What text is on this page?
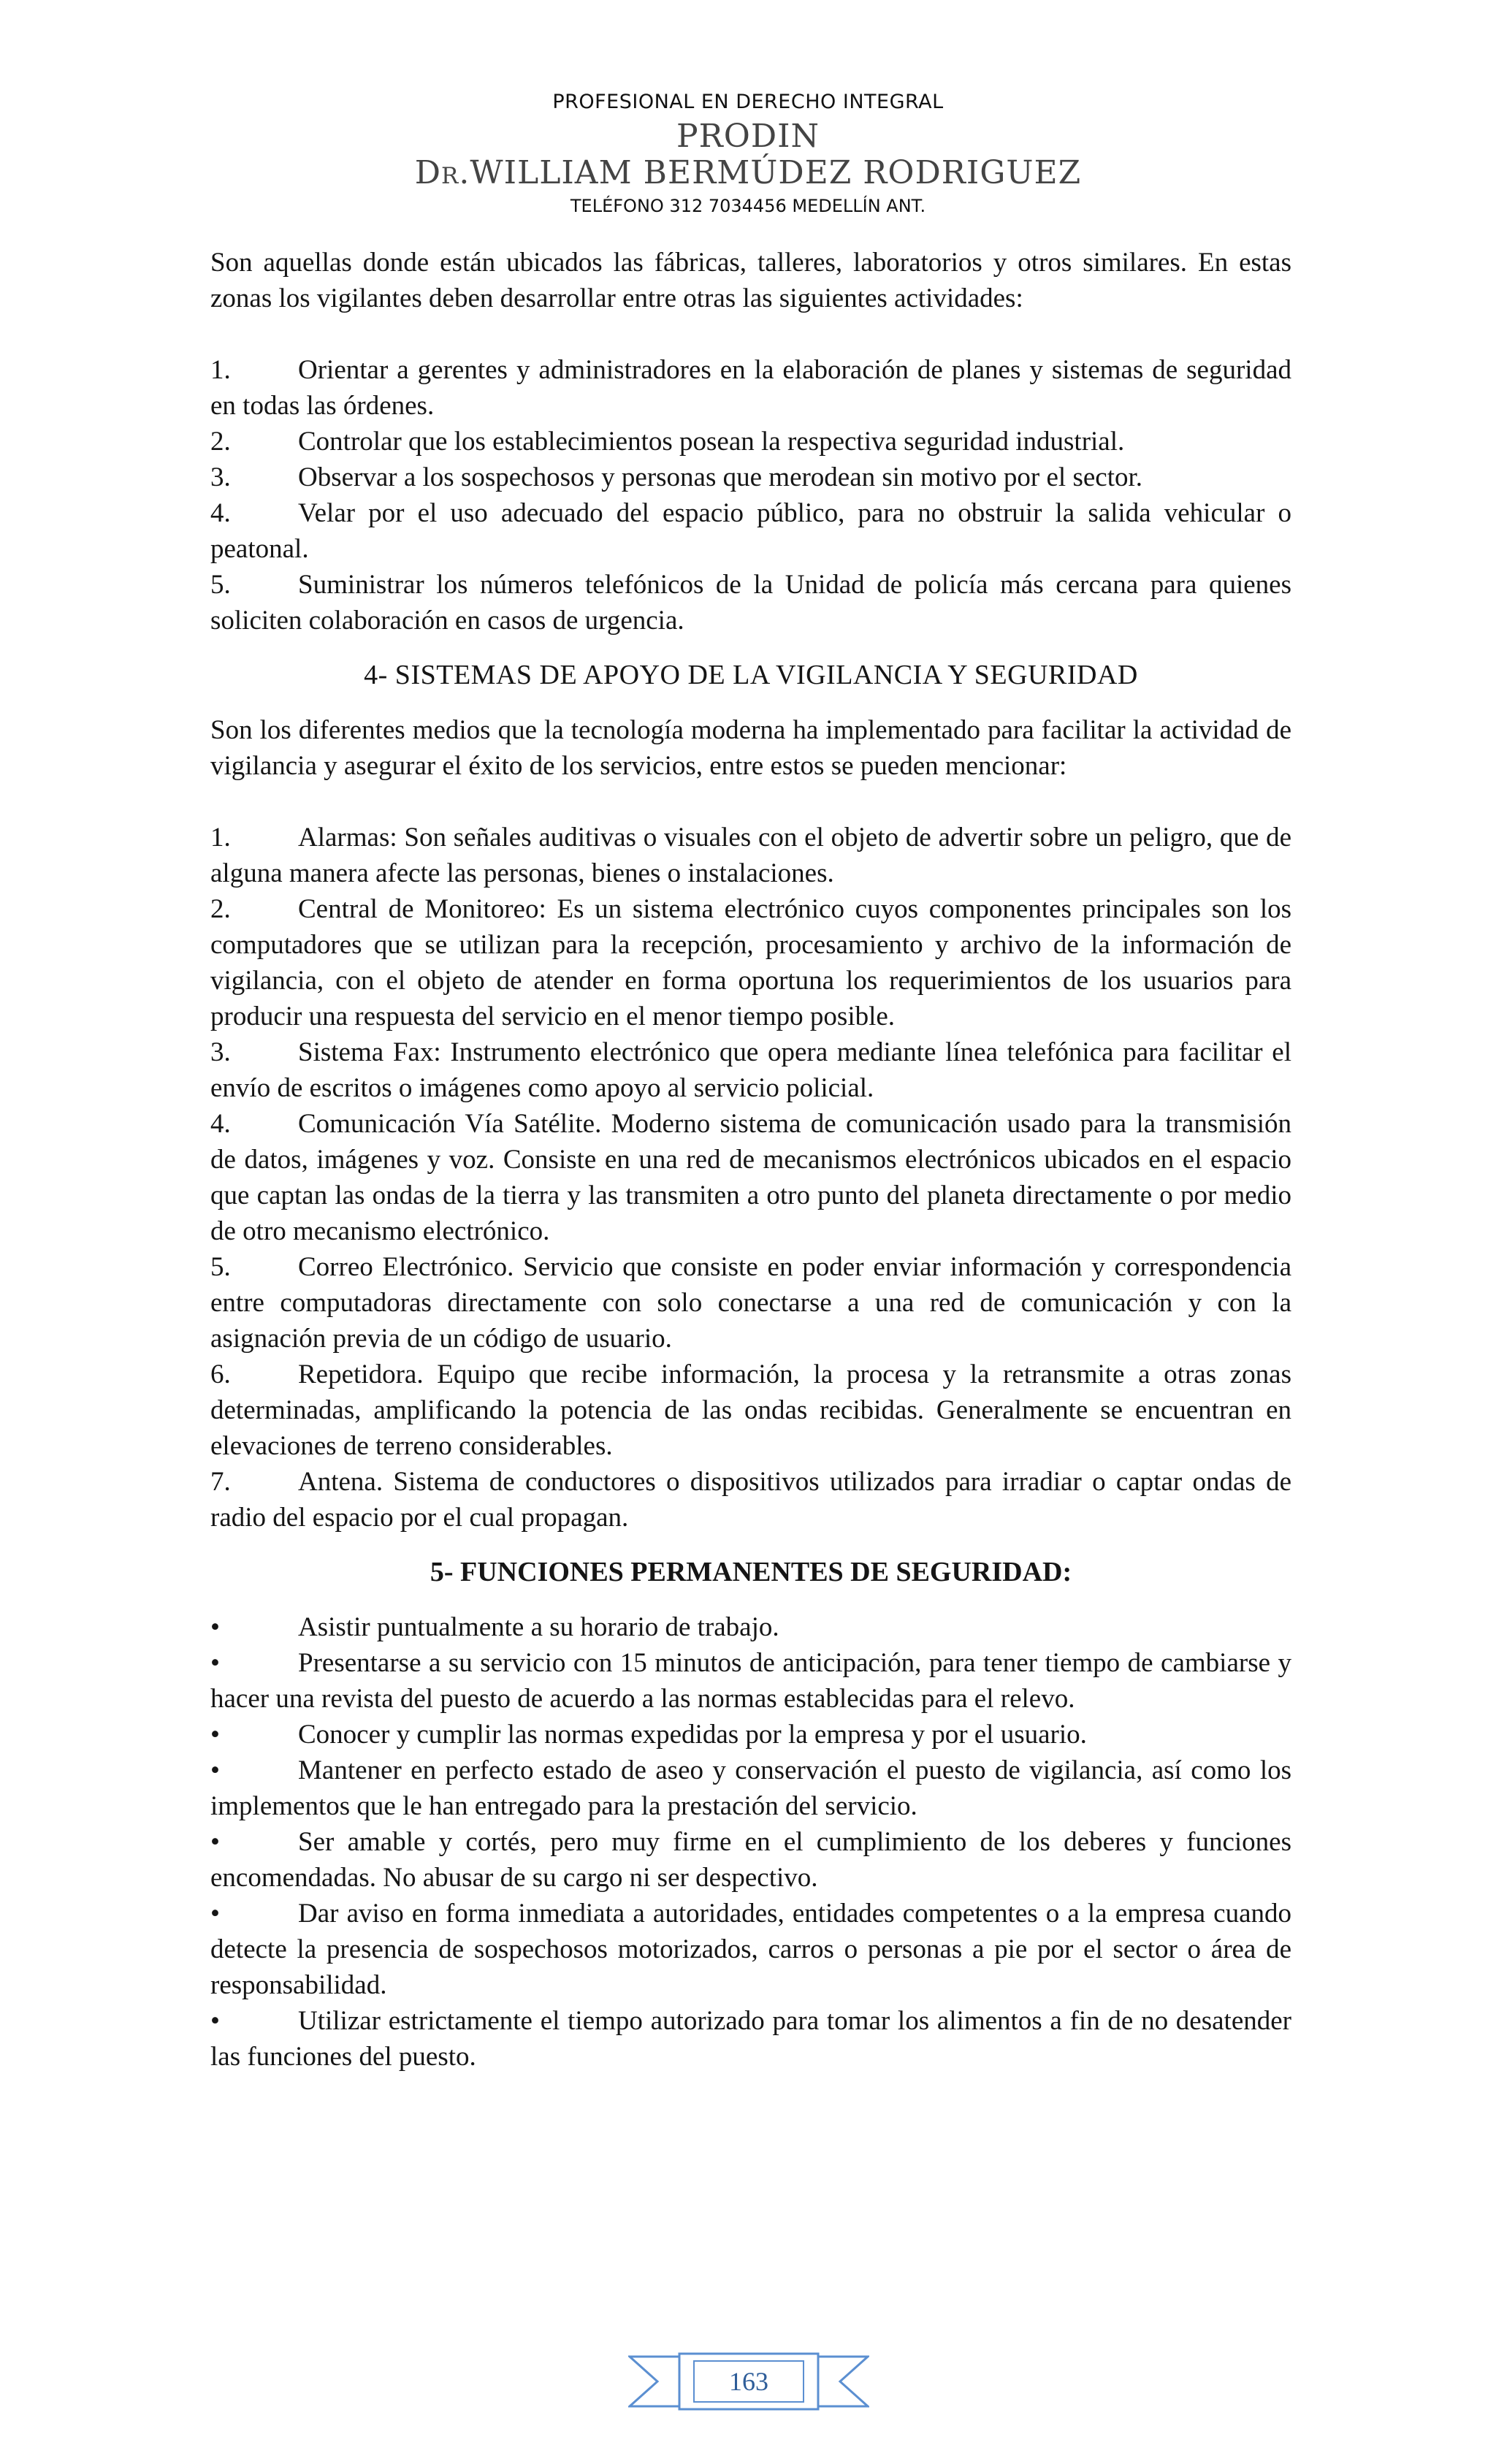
PROFESIONAL EN DERECHO INTEGRAL
PRODIN
Dr.WILLIAM BERMÚDEZ RODRIGUEZ
TELÉFONO 312 7034456 MEDELLÍN ANT.

Son aquellas donde están ubicados las fábricas, talleres, laboratorios y otros similares. En estas zonas los vigilantes deben desarrollar entre otras las siguientes actividades:

1. Orientar a gerentes y administradores en la elaboración de planes y sistemas de seguridad en todas las órdenes.

2. Controlar que los establecimientos posean la respectiva seguridad industrial.

3. Observar a los sospechosos y personas que merodean sin motivo por el sector.

4. Velar por el uso adecuado del espacio público, para no obstruir la salida vehicular o peatonal.

5. Suministrar los números telefónicos de la Unidad de policía más cercana para quienes soliciten colaboración en casos de urgencia.

4- SISTEMAS DE APOYO DE LA VIGILANCIA Y SEGURIDAD

Son los diferentes medios que la tecnología moderna ha implementado para facilitar la actividad de vigilancia y asegurar el éxito de los servicios, entre estos se pueden mencionar:

1. Alarmas: Son señales auditivas o visuales con el objeto de advertir sobre un peligro, que de alguna manera afecte las personas, bienes o instalaciones.

2. Central de Monitoreo: Es un sistema electrónico cuyos componentes principales son los computadores que se utilizan para la recepción, procesamiento y archivo de la información de vigilancia, con el objeto de atender en forma oportuna los requerimientos de los usuarios para producir una respuesta del servicio en el menor tiempo posible.

3. Sistema Fax: Instrumento electrónico que opera mediante línea telefónica para facilitar el envío de escritos o imágenes como apoyo al servicio policial.

4. Comunicación Vía Satélite. Moderno sistema de comunicación usado para la transmisión de datos, imágenes y voz. Consiste en una red de mecanismos electrónicos ubicados en el espacio que captan las ondas de la tierra y las transmiten a otro punto del planeta directamente o por medio de otro mecanismo electrónico.

5. Correo Electrónico. Servicio que consiste en poder enviar información y correspondencia entre computadoras directamente con solo conectarse a una red de comunicación y con la asignación previa de un código de usuario.

6. Repetidora. Equipo que recibe información, la procesa y la retransmite a otras zonas determinadas, amplificando la potencia de las ondas recibidas. Generalmente se encuentran en elevaciones de terreno considerables.

7. Antena. Sistema de conductores o dispositivos utilizados para irradiar o captar ondas de radio del espacio por el cual propagan.

5- FUNCIONES PERMANENTES DE SEGURIDAD:

•	Asistir puntualmente a su horario de trabajo.

•	Presentarse a su servicio con 15 minutos de anticipación, para tener tiempo de cambiarse y hacer una revista del puesto de acuerdo a las normas establecidas para el relevo.

•	Conocer y cumplir las normas expedidas por la empresa y por el usuario.

•	Mantener en perfecto estado de aseo y conservación el puesto de vigilancia, así como los implementos que le han entregado para la prestación del servicio.

•	Ser amable y cortés, pero muy firme en el cumplimiento de los deberes y funciones encomendadas. No abusar de su cargo ni ser despectivo.

•	Dar aviso en forma inmediata a autoridades, entidades competentes o a la empresa cuando detecte la presencia de sospechosos motorizados, carros o personas a pie por el sector o área de responsabilidad.

•	Utilizar estrictamente el tiempo autorizado para tomar los alimentos a fin de no desatender las funciones del puesto.

163
